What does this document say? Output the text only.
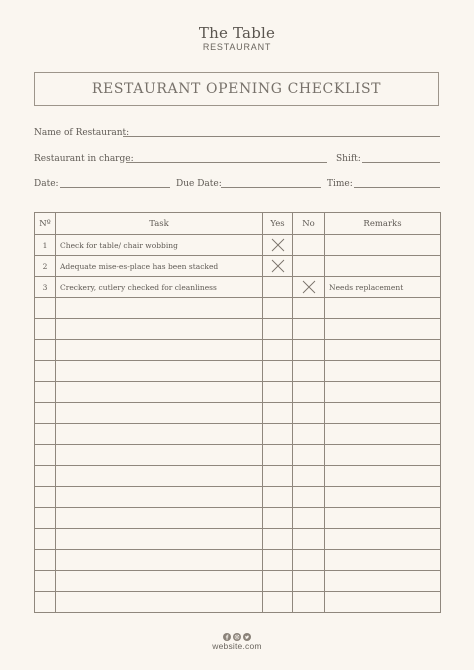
The Table
RESTAURANT
RESTAURANT OPENING CHECKLIST
Name of Restaurant:
Restaurant in charge:	Shift:
Date:	Due Date:	Time:
Nº	Task	Yes	No	Remarks
1	Check for table/ chair wobbing	

2	Adequate mise-es-place has been stacked	

3	Creckery, cutlery checked for cleanliness			Needs replacement

website.com
